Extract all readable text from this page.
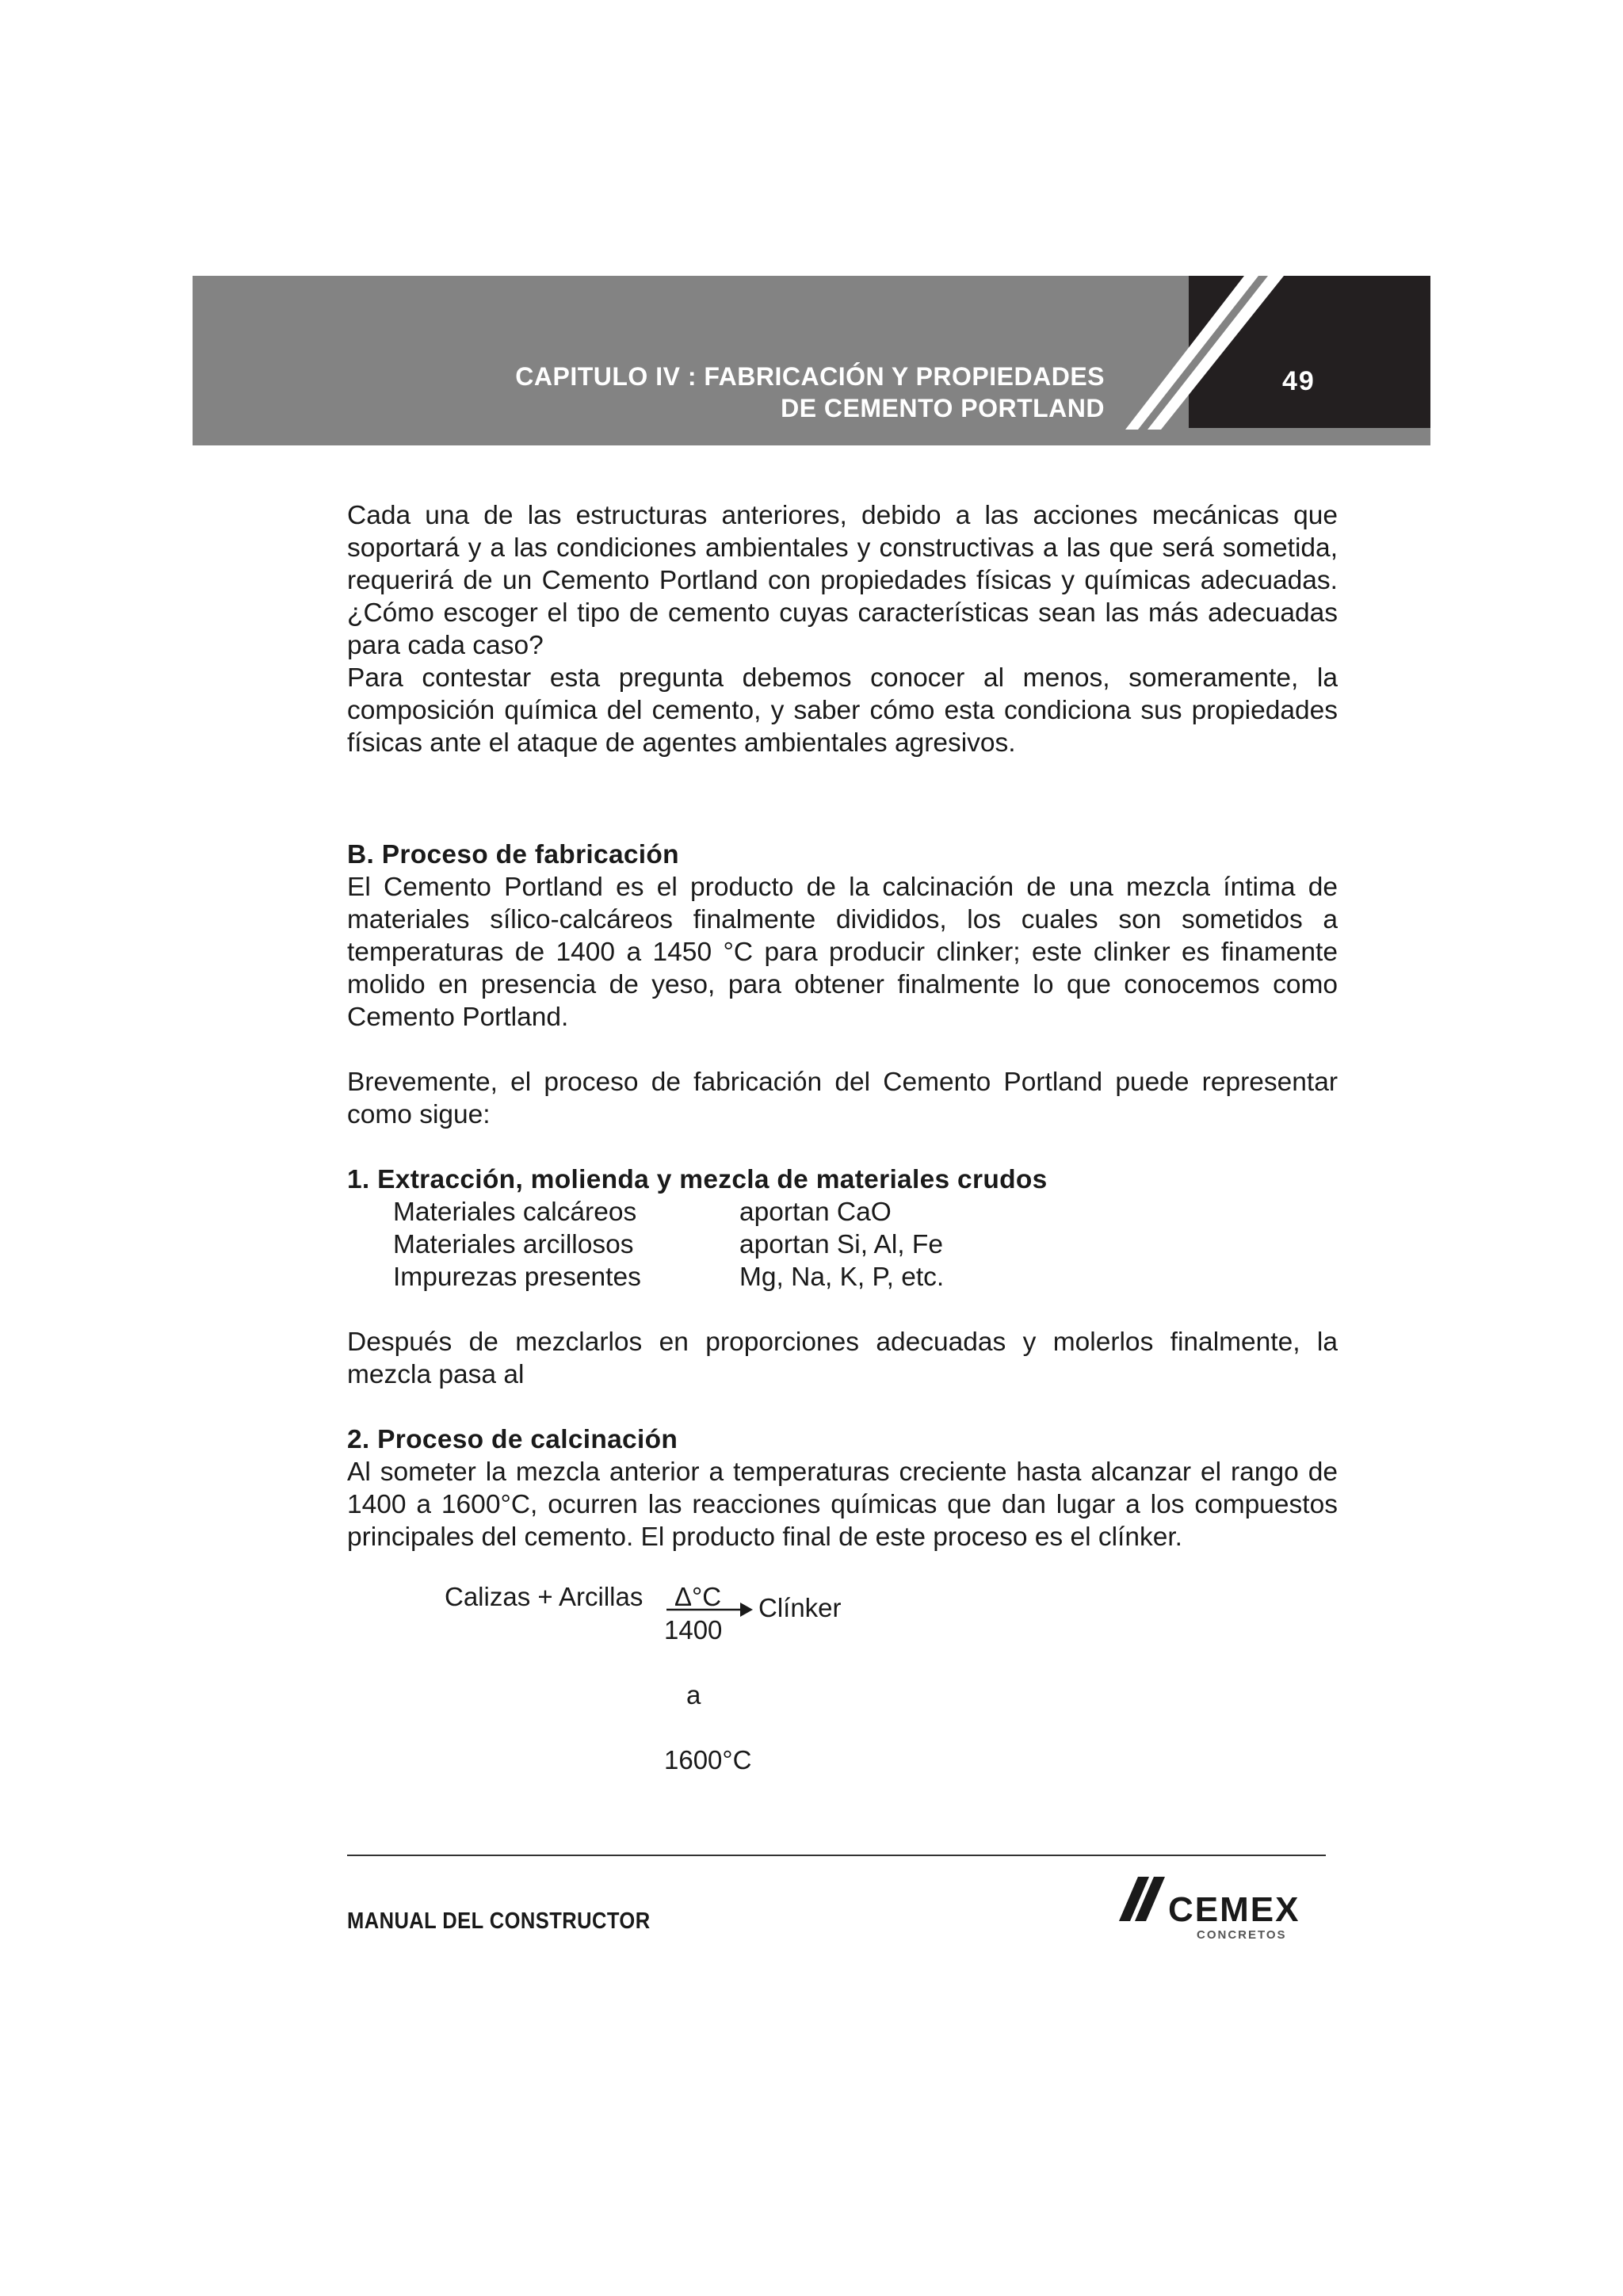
CAPITULO IV : FABRICACIÓN Y PROPIEDADES
DE CEMENTO PORTLAND
49

Cada una de las estructuras anteriores, debido a las acciones mecánicas que soportará y a las condiciones ambientales y constructivas a las que será sometida, requerirá de un Cemento Portland con propiedades físicas y químicas adecuadas. ¿Cómo escoger el tipo de cemento cuyas características sean las más adecuadas para cada caso?

Para contestar esta pregunta debemos conocer al menos, someramente, la composición química del cemento, y saber cómo esta condiciona sus propiedades físicas ante el ataque de agentes ambientales agresivos.

B. Proceso de fabricación

El Cemento Portland es el producto de la calcinación de una mezcla íntima de materiales sílico-calcáreos finalmente divididos, los cuales son sometidos a temperaturas de 1400 a 1450 °C para producir clinker; este clinker es finamente molido en presencia de yeso, para obtener finalmente lo que conocemos como Cemento Portland.

Brevemente, el proceso de fabricación del Cemento Portland puede representar como sigue:

1. Extracción, molienda y mezcla de materiales crudos

Materiales calcáreos	aportan CaO
Materiales arcillosos	aportan Si, Al, Fe
Impurezas presentes	Mg, Na, K, P, etc.

Después de mezclarlos en proporciones adecuadas y molerlos finalmente, la mezcla pasa al

2. Proceso de calcinación

Al someter la mezcla anterior a temperaturas creciente hasta alcanzar el rango de 1400 a 1600°C, ocurren las reacciones químicas que dan lugar a los compuestos principales del cemento. El producto final de este proceso es el clínker.

Calizas + Arcillas Δ°C Clínker
1400
a
1600°C
MANUAL DEL CONSTRUCTOR	CEMEX
CONCRETOS
